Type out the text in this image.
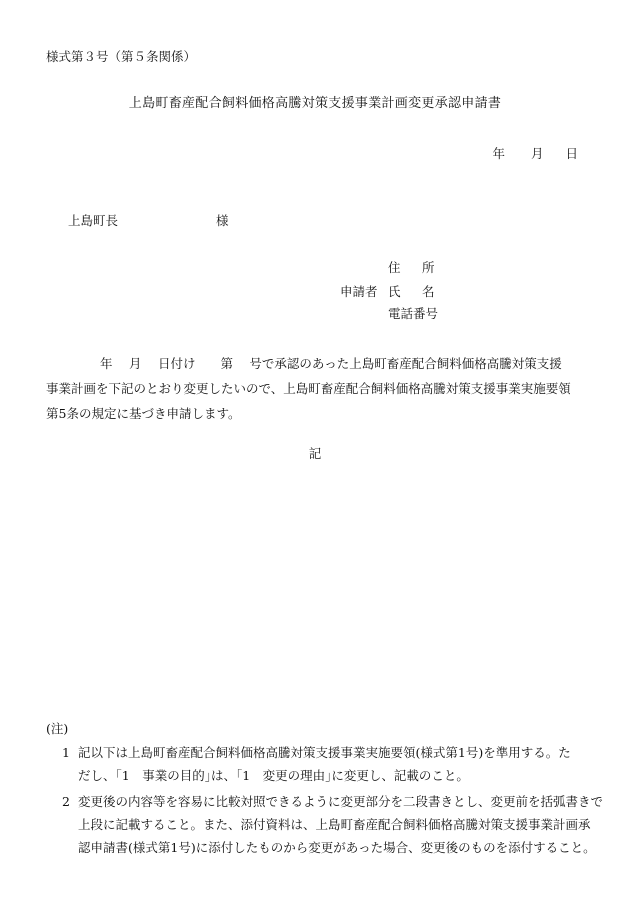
様式第３号（第５条関係）
上島町畜産配合飼料価格高騰対策支援事業計画変更承認申請書
年 月 日
上島町長	様
住 所
申請者 氏 名
電話番号
年　 月　 日付け　　第　 号で承認のあった上島町畜産配合飼料価格高騰対策支援
事業計画を下記のとおり変更したいので、上島町畜産配合飼料価格高騰対策支援事業実施要領
第5条の規定に基づき申請します。
記
(注)
1 記以下は上島町畜産配合飼料価格高騰対策支援事業実施要領(様式第1号)を準用する。た
だし、｢1　事業の目的｣は、｢1　変更の理由｣に変更し、記載のこと。
2 変更後の内容等を容易に比較対照できるように変更部分を二段書きとし、変更前を括弧書きで
上段に記載すること。また、添付資料は、上島町畜産配合飼料価格高騰対策支援事業計画承
認申請書(様式第1号)に添付したものから変更があった場合、変更後のものを添付すること。
